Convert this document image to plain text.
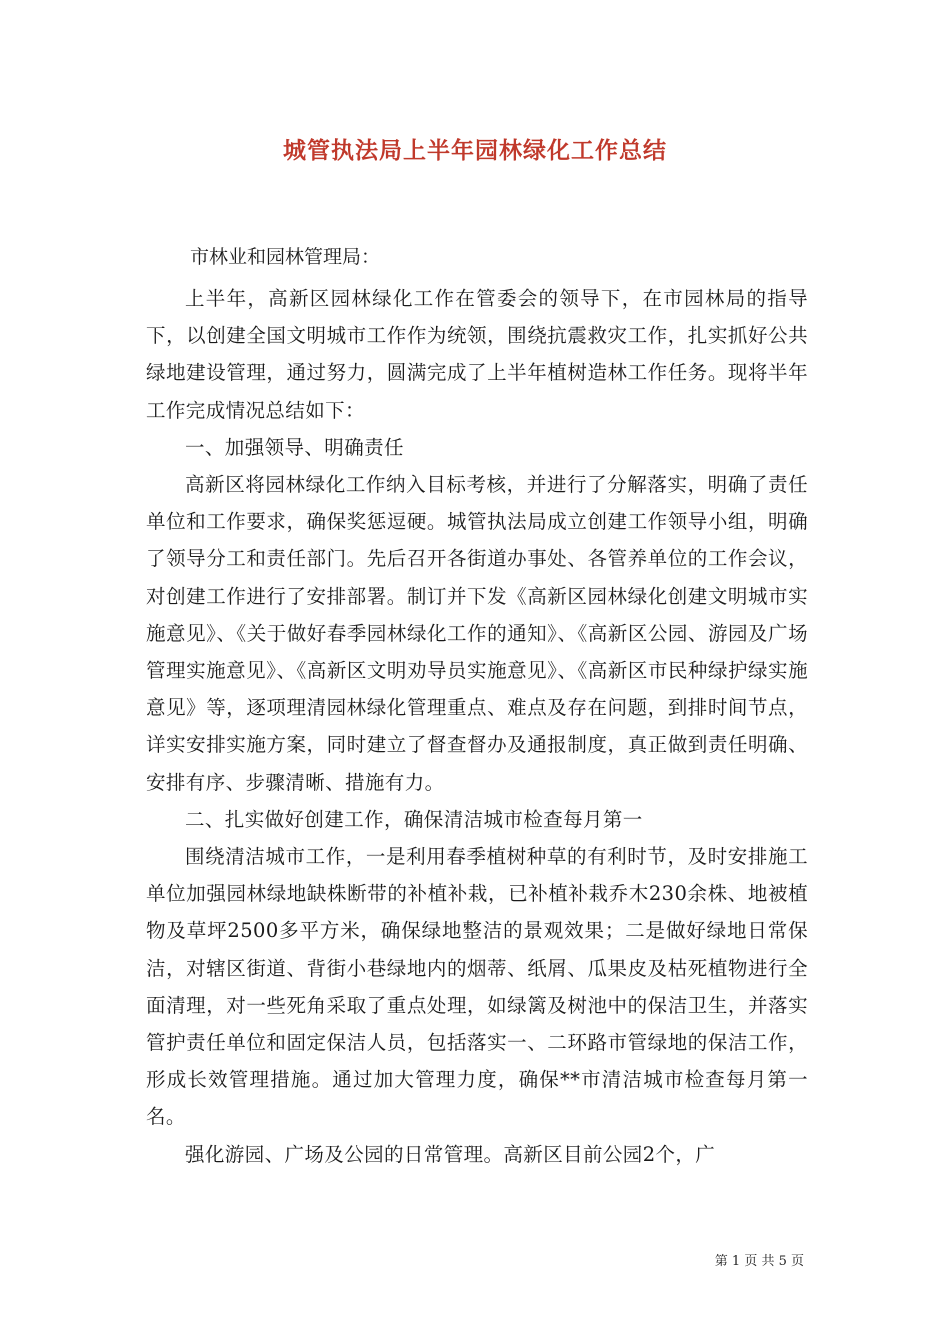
城管执法局上半年园林绿化工作总结

市林业和园林管理局：

上半年，高新区园林绿化工作在管委会的领导下，在市园林局的指导下，以创建全国文明城市工作作为统领，围绕抗震救灾工作，扎实抓好公共绿地建设管理，通过努力，圆满完成了上半年植树造林工作任务。现将半年工作完成情况总结如下：

一、加强领导、明确责任

高新区将园林绿化工作纳入目标考核，并进行了分解落实，明确了责任单位和工作要求，确保奖惩逗硬。城管执法局成立创建工作领导小组，明确了领导分工和责任部门。先后召开各街道办事处、各管养单位的工作会议，对创建工作进行了安排部署。制订并下发《高新区园林绿化创建文明城市实施意见》、《关于做好春季园林绿化工作的通知》、《高新区公园、游园及广场管理实施意见》、《高新区文明劝导员实施意见》、《高新区市民种绿护绿实施意见》等，逐项理清园林绿化管理重点、难点及存在问题，到排时间节点，详实安排实施方案，同时建立了督查督办及通报制度，真正做到责任明确、安排有序、步骤清晰、措施有力。

二、扎实做好创建工作，确保清洁城市检查每月第一

围绕清洁城市工作，一是利用春季植树种草的有利时节，及时安排施工单位加强园林绿地缺株断带的补植补栽，已补植补栽乔木230余株、地被植物及草坪2500多平方米，确保绿地整洁的景观效果；二是做好绿地日常保洁，对辖区街道、背街小巷绿地内的烟蒂、纸屑、瓜果皮及枯死植物进行全面清理，对一些死角采取了重点处理，如绿篱及树池中的保洁卫生，并落实管护责任单位和固定保洁人员，包括落实一、二环路市管绿地的保洁工作，形成长效管理措施。通过加大管理力度，确保**市清洁城市检查每月第一名。

强化游园、广场及公园的日常管理。高新区目前公园2个，广

第 1 页 共 5 页
